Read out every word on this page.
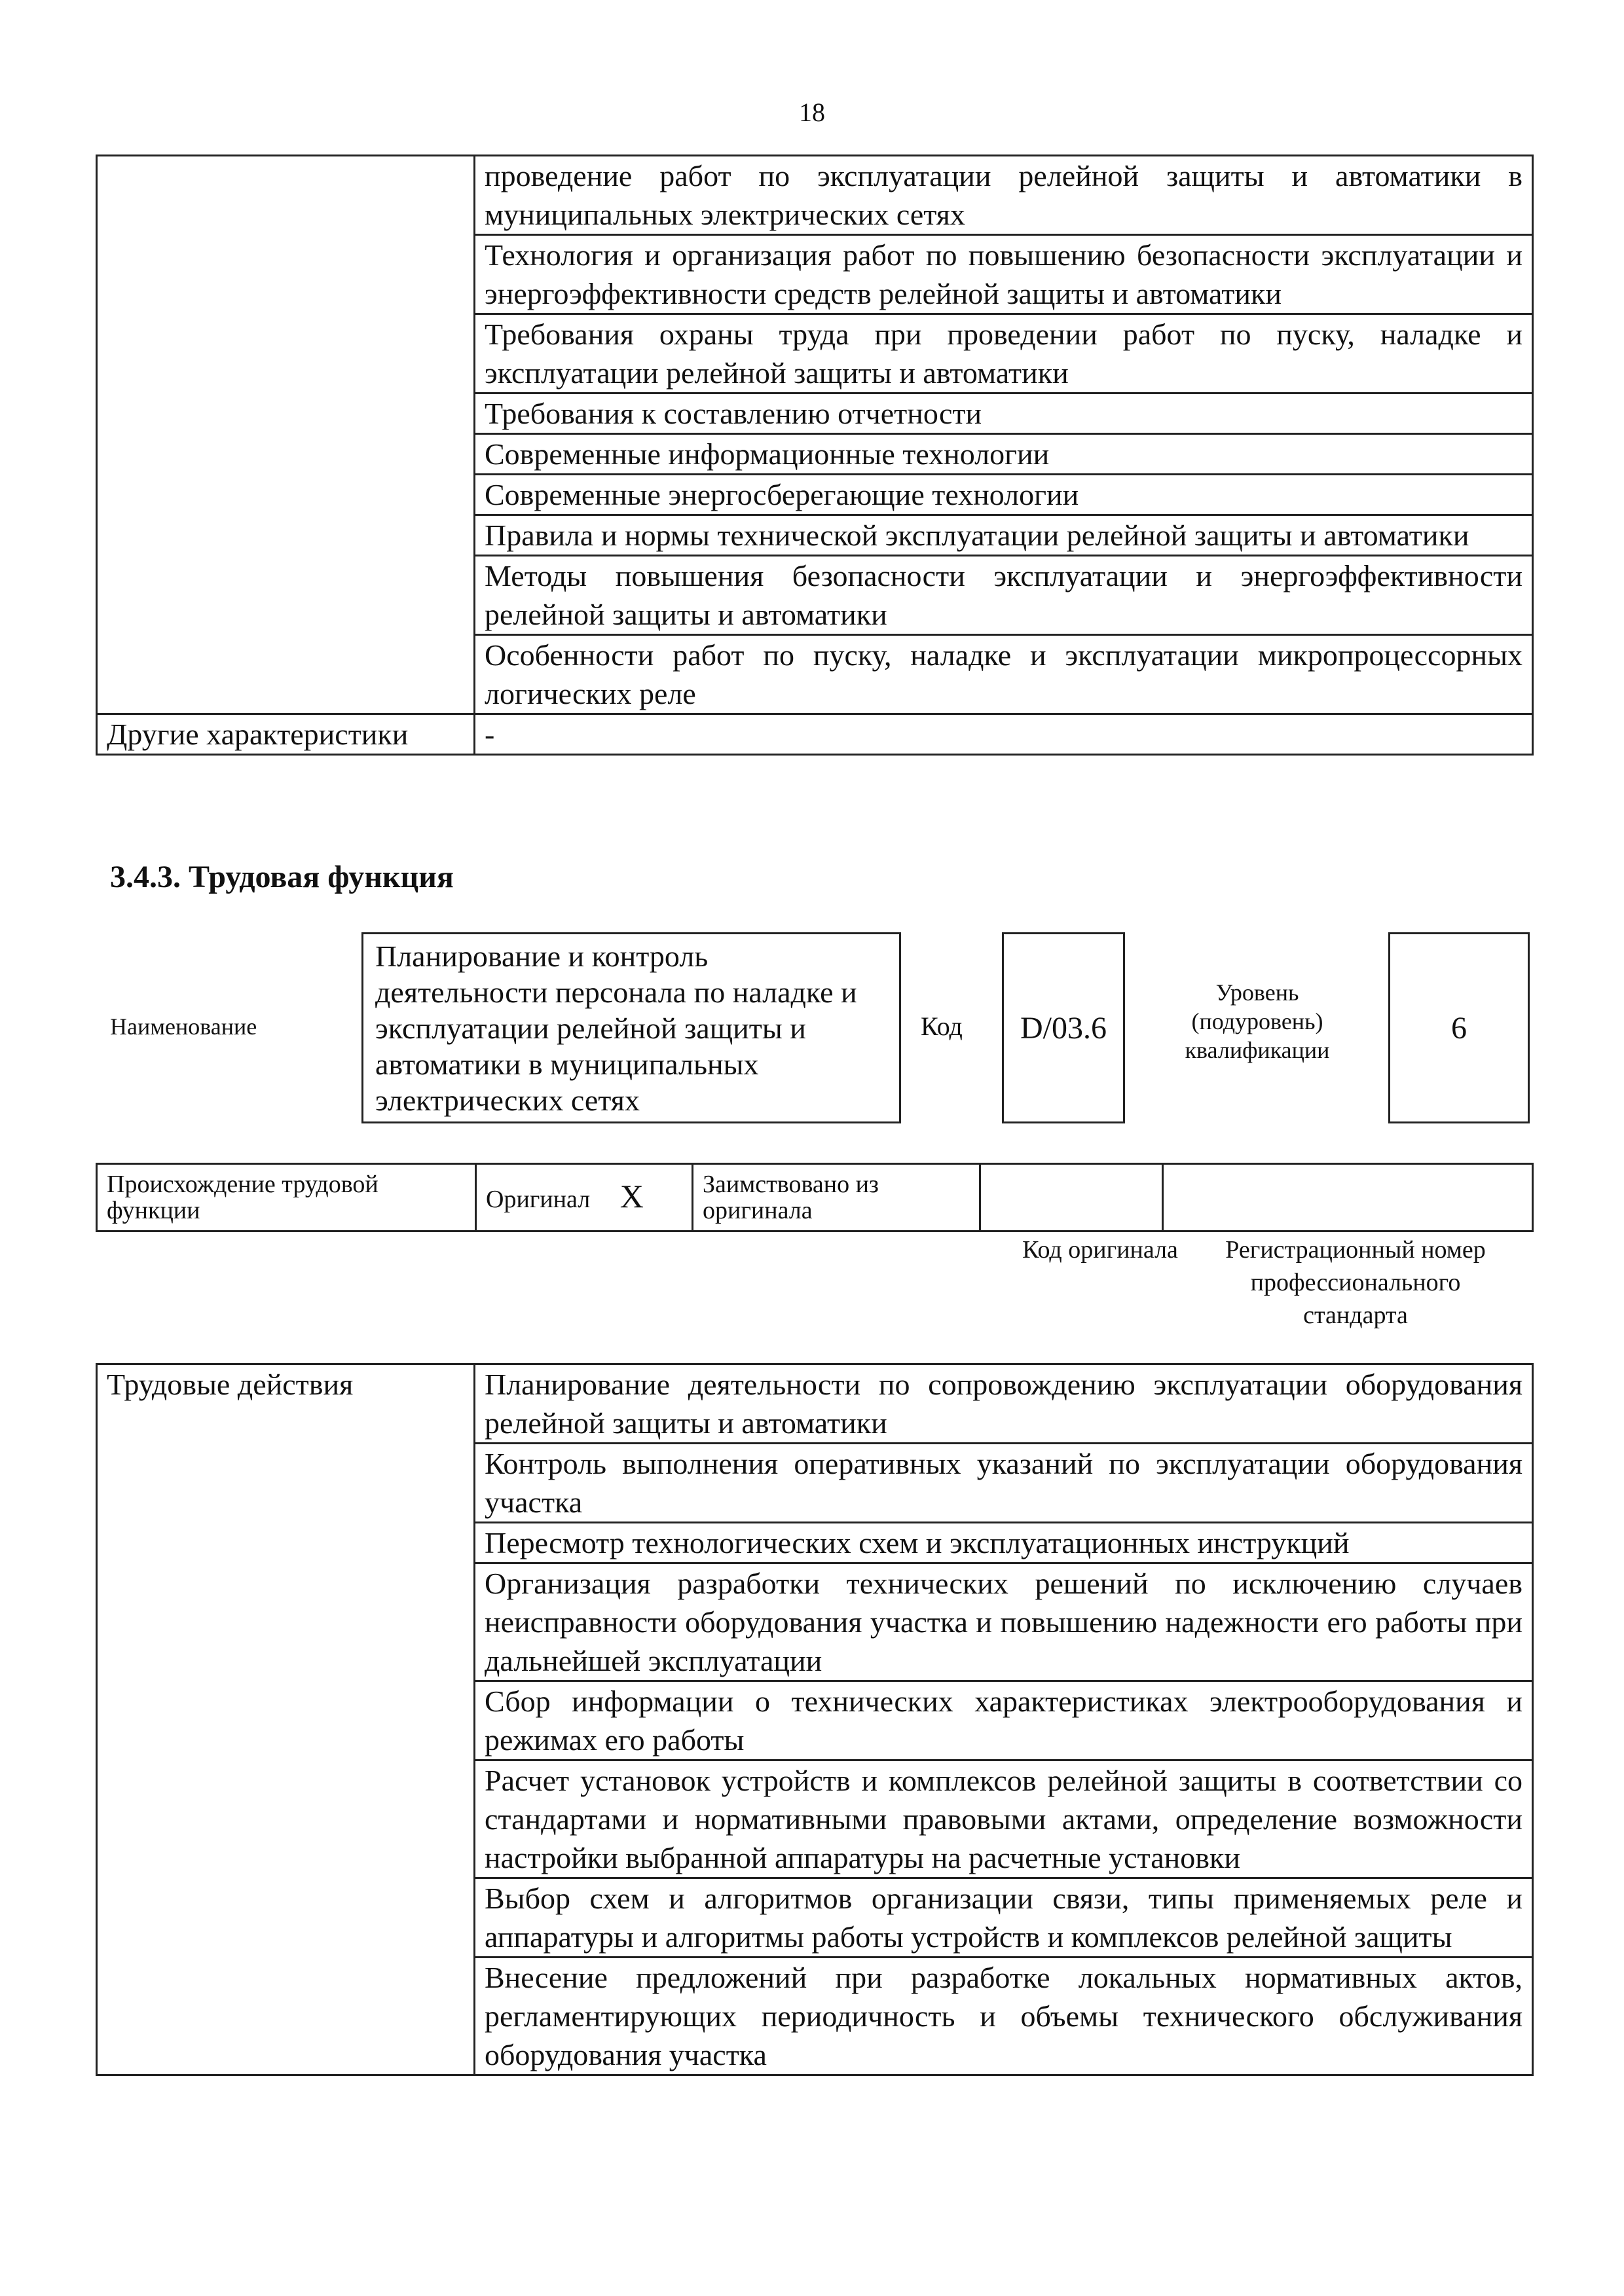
18
	проведение работ по эксплуатации релейной защиты и автоматики в муниципальных электрических сетях
	Технология и организация работ по повышению безопасности эксплуатации и энергоэффективности средств релейной защиты и автоматики
	Требования охраны труда при проведении работ по пуску, наладке и эксплуатации релейной защиты и автоматики
	Требования к составлению отчетности
	Современные информационные технологии
	Современные энергосберегающие технологии
	Правила и нормы технической эксплуатации релейной защиты и автоматики
	Методы повышения безопасности эксплуатации и энергоэффективности релейной защиты и автоматики
	Особенности работ по пуску, наладке и эксплуатации микропроцессорных логических реле
Другие характеристики	-
3.4.3. Трудовая функция
Наименование
Планирование и контроль деятельности персонала по наладке и эксплуатации релейной защиты и автоматики в муниципальных электрических сетях
Код	D/03.6
Уровень (подуровень) квалификации
6
Происхождение трудовой функции	Оригинал X	Заимствовано из оригинала		
Код оригинала	Регистрационный номер профессионального стандарта
Трудовые действия	Планирование деятельности по сопровождению эксплуатации оборудования релейной защиты и автоматики
Контроль выполнения оперативных указаний по эксплуатации оборудования участка
Пересмотр технологических схем и эксплуатационных инструкций
Организация разработки технических решений по исключению случаев неисправности оборудования участка и повышению надежности его работы при дальнейшей эксплуатации
Сбор информации о технических характеристиках электрооборудования и режимах его работы
Расчет установок устройств и комплексов релейной защиты в соответствии со стандартами и нормативными правовыми актами, определение возможности настройки выбранной аппаратуры на расчетные установки
Выбор схем и алгоритмов организации связи, типы применяемых реле и аппаратуры и алгоритмы работы устройств и комплексов релейной защиты
Внесение предложений при разработке локальных нормативных актов, регламентирующих периодичность и объемы технического обслуживания оборудования участка
